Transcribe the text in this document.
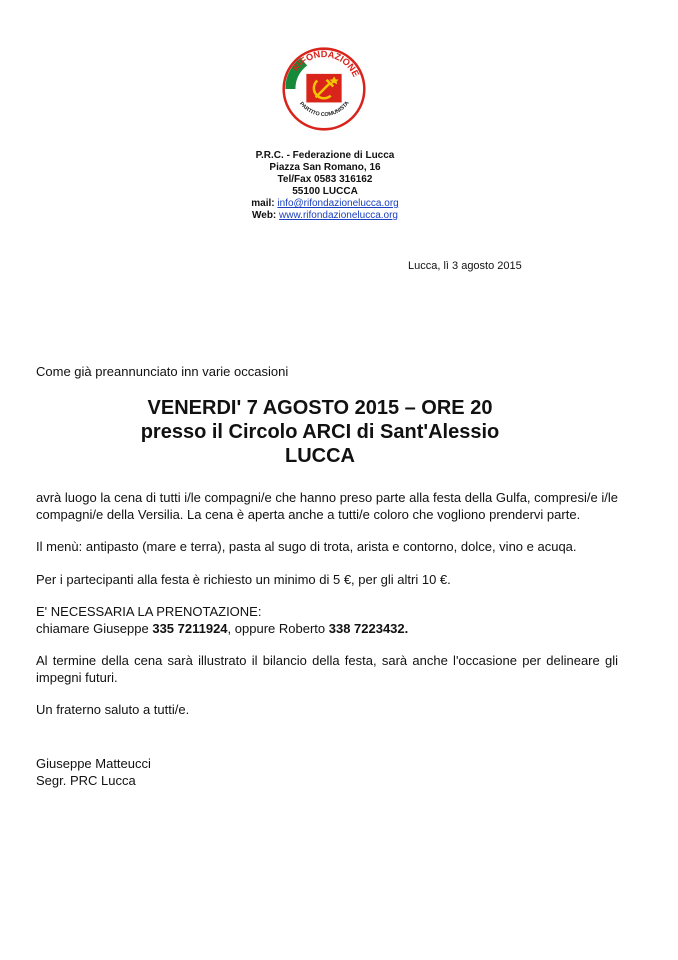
RIFONDAZIONE
PARTITO COMUNISTA
P.R.C. - Federazione di Lucca
Piazza San Romano, 16
Tel/Fax 0583 316162
55100 LUCCA
mail: info@rifondazionelucca.org
Web: www.rifondazionelucca.org
Lucca, lì 3 agosto 2015
Come già preannunciato inn varie occasioni
VENERDI' 7 AGOSTO 2015 – ORE 20
presso il Circolo ARCI di Sant'Alessio
LUCCA

avrà luogo la cena di tutti i/le compagni/e che hanno preso parte alla festa della Gulfa, compresi/e i/le compagni/e della Versilia. La cena è aperta anche a tutti/e coloro che vogliono prendervi parte.

Il menù: antipasto (mare e terra), pasta al sugo di trota, arista e contorno, dolce, vino e acuqa.

Per i partecipanti alla festa è richiesto un minimo di 5 €, per gli altri 10 €.

E' NECESSARIA LA PRENOTAZIONE:
chiamare Giuseppe 335 7211924, oppure Roberto 338 7223432.

Al termine della cena sarà illustrato il bilancio della festa, sarà anche l'occasione per delineare gli impegni futuri.

Un fraterno saluto a tutti/e.

Giuseppe Matteucci
Segr. PRC Lucca
